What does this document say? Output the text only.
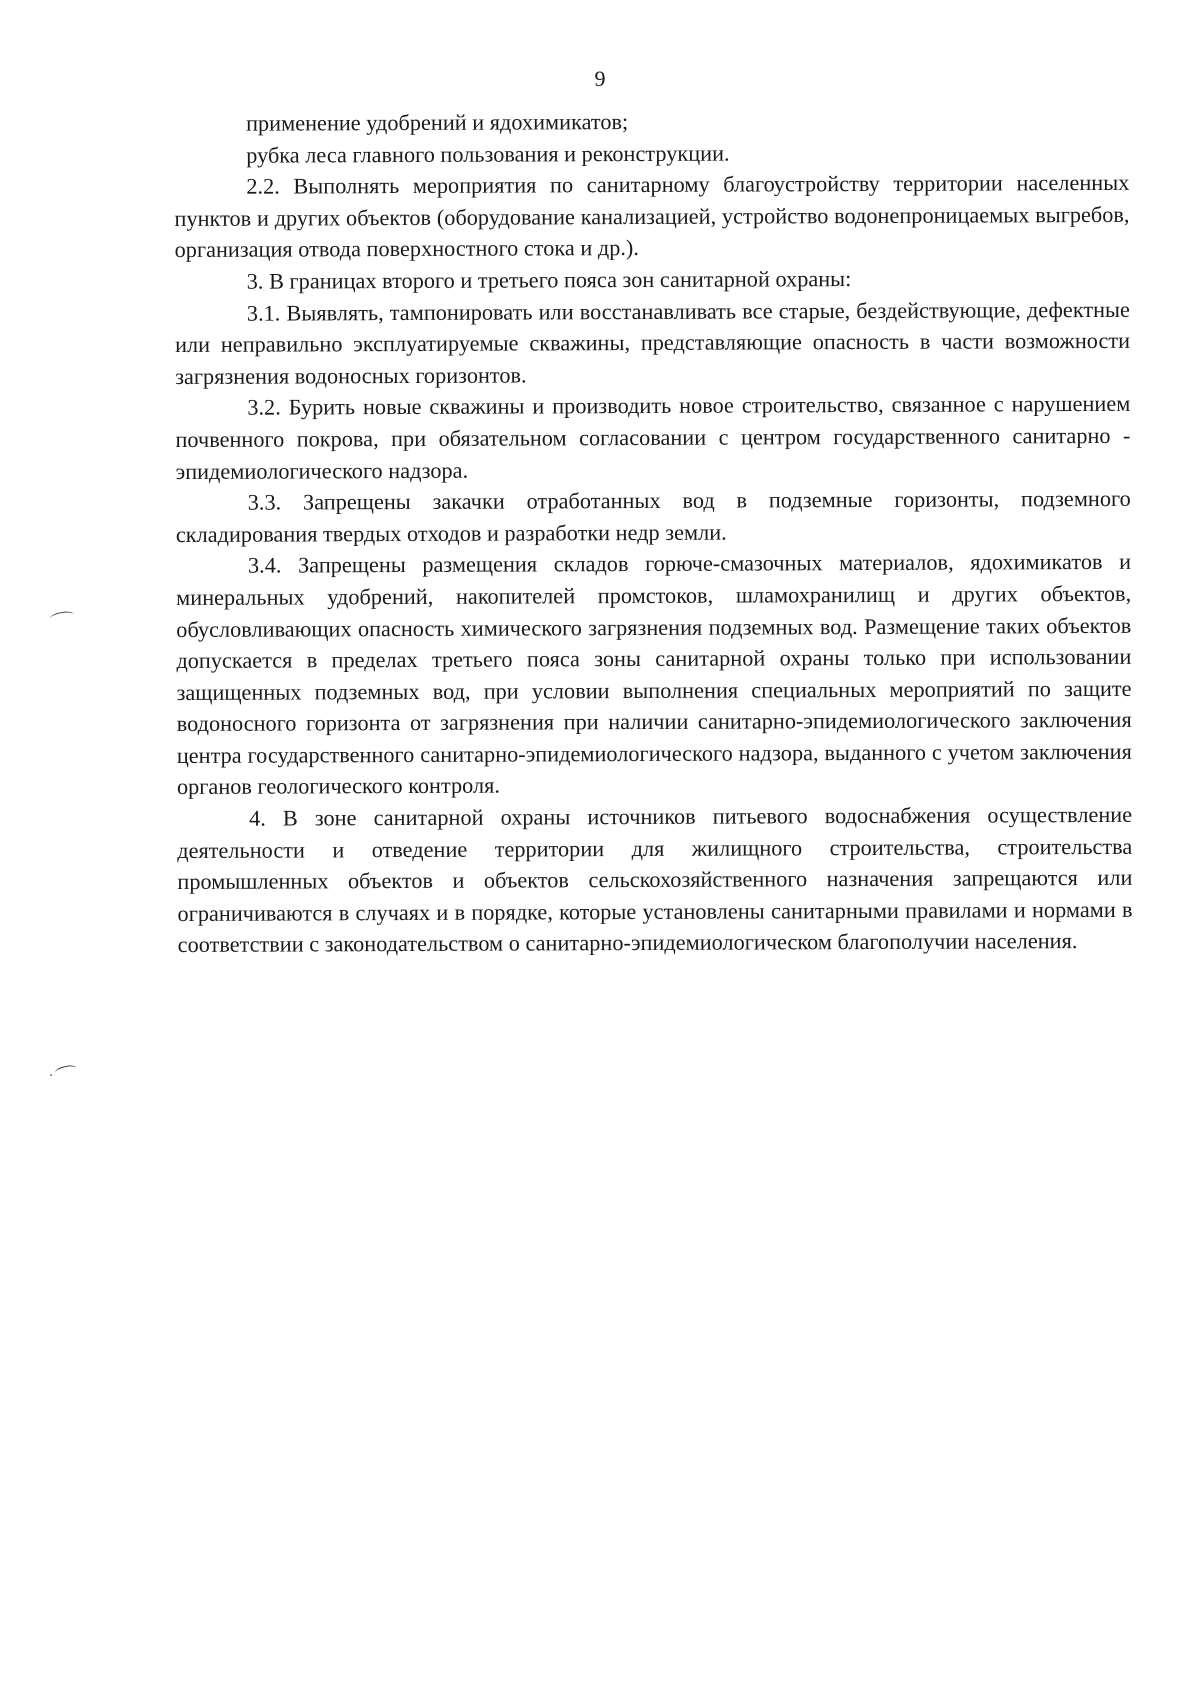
9

применение удобрений и ядохимикатов;

рубка леса главного пользования и реконструкции.

2.2. Выполнять мероприятия по санитарному благоустройству территории населенных пунктов и других объектов (оборудование канализацией, устройство водонепроницаемых выгребов, организация отвода поверхностного стока и др.).

3. В границах второго и третьего пояса зон санитарной охраны:

3.1. Выявлять, тампонировать или восстанавливать все старые, бездействующие, дефектные или неправильно эксплуатируемые скважины, представляющие опасность в части возможности загрязнения водоносных горизонтов.

3.2. Бурить новые скважины и производить новое строительство, связанное с нарушением почвенного покрова, при обязательном согласовании с центром государственного санитарно - эпидемиологического надзора.

3.3. Запрещены закачки отработанных вод в подземные горизонты, подземного складирования твердых отходов и разработки недр земли.

3.4. Запрещены размещения складов горюче-смазочных материалов, ядохимикатов и минеральных удобрений, накопителей промстоков, шламохранилищ и других объектов, обусловливающих опасность химического загрязнения подземных вод. Размещение таких объектов допускается в пределах третьего пояса зоны санитарной охраны только при использовании защищенных подземных вод, при условии выполнения специальных мероприятий по защите водоносного горизонта от загрязнения при наличии санитарно-эпидемиологического заключения центра государственного санитарно-эпидемиологического надзора, выданного с учетом заключения органов геологического контроля.

4. В зоне санитарной охраны источников питьевого водоснабжения осуществление деятельности и отведение территории для жилищного строительства, строительства промышленных объектов и объектов сельскохозяйственного назначения запрещаются или ограничиваются в случаях и в порядке, которые установлены санитарными правилами и нормами в соответствии с законодательством о санитарно-эпидемиологическом благополучии населения.
